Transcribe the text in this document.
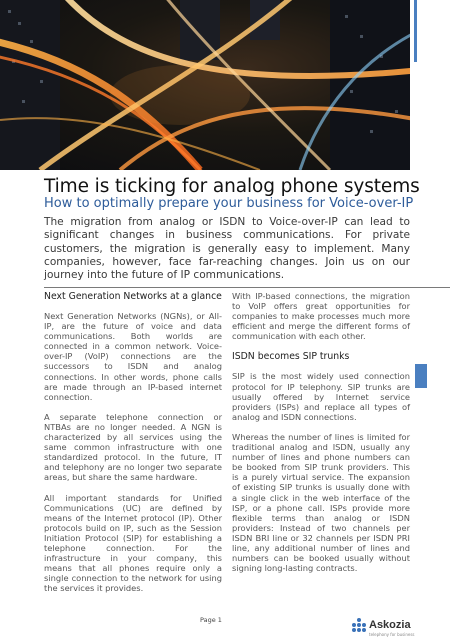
Time is ticking for analog phone systems
How to optimally prepare your business for Voice-over-IP

The migration from analog or ISDN to Voice-over-IP can lead to significant changes in business communications. For private customers, the migration is generally easy to implement. Many companies, however, face far-reaching changes. Join us on our journey into the future of IP communications.

Next Generation Networks at a glance

Next Generation Networks (NGNs), or All-IP, are the future of voice and data communications. Both worlds are connected in a common network. Voice-over-IP (VoIP) connections are the successors to ISDN and analog connections. In other words, phone calls are made through an IP-based internet connection.

A separate telephone connection or NTBAs are no longer needed. A NGN is characterized by all services using the same common infrastructure with one standardized protocol. In the future, IT and telephony are no longer two separate areas, but share the same hardware.

All important standards for Unified Communications (UC) are defined by means of the Internet protocol (IP). Other protocols build on IP, such as the Session Initiation Protocol (SIP) for establishing a telephone connection. For the infrastructure in your company, this means that all phones require only a single connection to the network for using the services it provides.

With IP-based connections, the migration to VoIP offers great opportunities for companies to make processes much more efficient and merge the different forms of communication with each other.

ISDN becomes SIP trunks

SIP is the most widely used connection protocol for IP telephony. SIP trunks are usually offered by Internet service providers (ISPs) and replace all types of analog and ISDN connections.

Whereas the number of lines is limited for traditional analog and ISDN, usually any number of lines and phone numbers can be booked from SIP trunk providers. This is a purely virtual service. The expansion of existing SIP trunks is usually done with a single click in the web interface of the ISP, or a phone call. ISPs provide more flexible terms than analog or ISDN providers: Instead of two channels per ISDN BRI line or 32 channels per ISDN PRI line, any additional number of lines and numbers can be booked usually without signing long-lasting contracts.

Page 1	Askozia
telephony for business
